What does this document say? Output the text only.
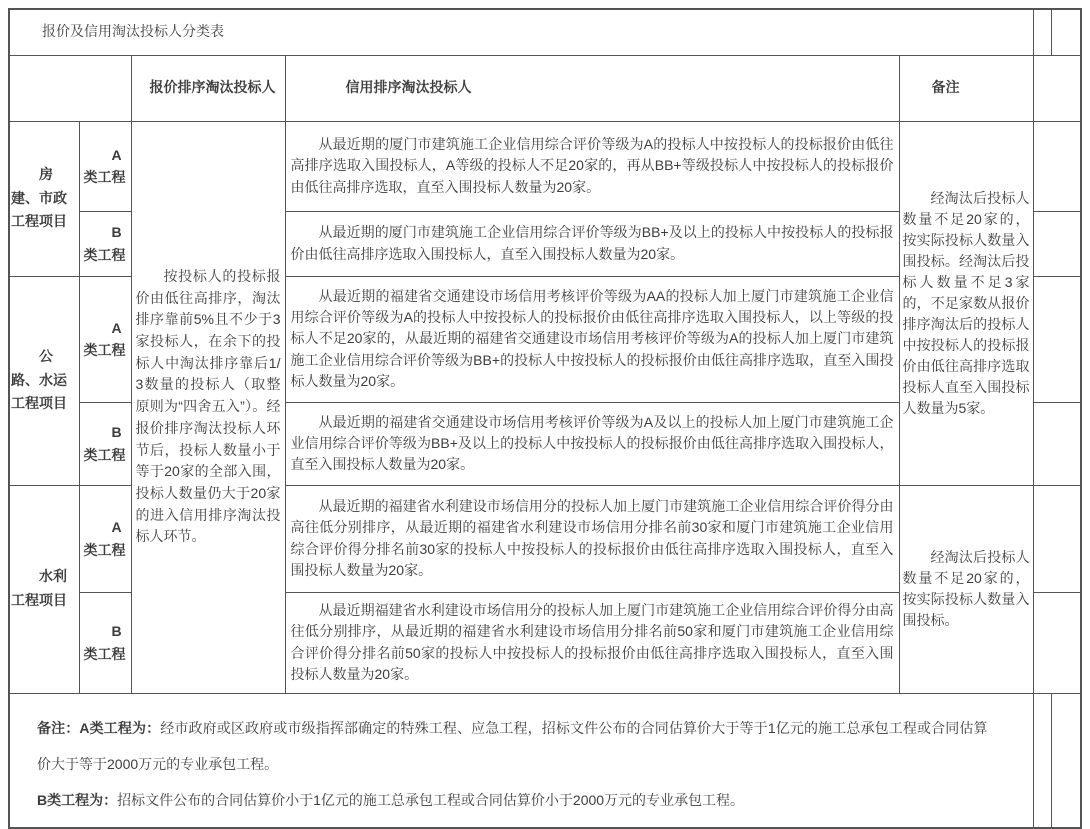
报价及信用淘汰投标人分类表						
		报价排序淘汰投标人	信用排序淘汰投标人	备注		
房建、市政工程项目	A类工程	按投标人的投标报价由低往高排序，淘汰排序靠前5%且不少于3家投标人，在余下的投标人中淘汰排序靠后1/3数量的投标人（取整原则为“四舍五入”）。经报价排序淘汰投标人环节后，投标人数量小于等于20家的全部入围，投标人数量仍大于20家的进入信用排序淘汰投标人环节。	从最近期的厦门市建筑施工企业信用综合评价等级为A的投标人中按投标人的投标报价由低往高排序选取入围投标人，A等级的投标人不足20家的，再从BB+等级投标人中按投标人的投标报价由低往高排序选取，直至入围投标人数量为20家。	经淘汰后投标人数量不足20家的，按实际投标人数量入围投标。经淘汰后投标人数量不足3家的，不足家数从报价排序淘汰后的投标人中按投标人的投标报价由低往高排序选取投标人直至入围投标人数量为5家。		
	B类工程		从最近期的厦门市建筑施工企业信用综合评价等级为BB+及以上的投标人中按投标人的投标报价由低往高排序选取入围投标人，直至入围投标人数量为20家。			
公路、水运工程项目	A类工程		从最近期的福建省交通建设市场信用考核评价等级为AA的投标人加上厦门市建筑施工企业信用综合评价等级为A的投标人中按投标人的投标报价由低往高排序选取入围投标人，以上等级的投标人不足20家的，从最近期的福建省交通建设市场信用考核评价等级为A的投标人加上厦门市建筑施工企业信用综合评价等级为BB+的投标人中按投标人的投标报价由低往高排序选取，直至入围投标人数量为20家。			
	B类工程		从最近期的福建省交通建设市场信用考核评价等级为A及以上的投标人加上厦门市建筑施工企业信用综合评价等级为BB+及以上的投标人中按投标人的投标报价由低往高排序选取入围投标人，直至入围投标人数量为20家。			
水利工程项目	A类工程		从最近期的福建省水利建设市场信用分的投标人加上厦门市建筑施工企业信用综合评价得分由高往低分别排序，从最近期的福建省水利建设市场信用分排名前30家和厦门市建筑施工企业信用综合评价得分排名前30家的投标人中按投标人的投标报价由低往高排序选取入围投标人，直至入围投标人数量为20家。	经淘汰后投标人数量不足20家的，按实际投标人数量入围投标。		
	B类工程		从最近期福建省水利建设市场信用分的投标人加上厦门市建筑施工企业信用综合评价得分由高往低分别排序，从最近期的福建省水利建设市场信用分排名前50家和厦门市建筑施工企业信用综合评价得分排名前50家的投标人中按投标人的投标报价由低往高排序选取入围投标人，直至入围投标人数量为20家。			

备注：A类工程为：经市政府或区政府或市级指挥部确定的特殊工程、应急工程，招标文件公布的合同估算价大于等于1亿元的施工总承包工程或合同估算价大于等于2000万元的专业承包工程。

B类工程为：招标文件公布的合同估算价小于1亿元的施工总承包工程或合同估算价小于2000万元的专业承包工程。						
